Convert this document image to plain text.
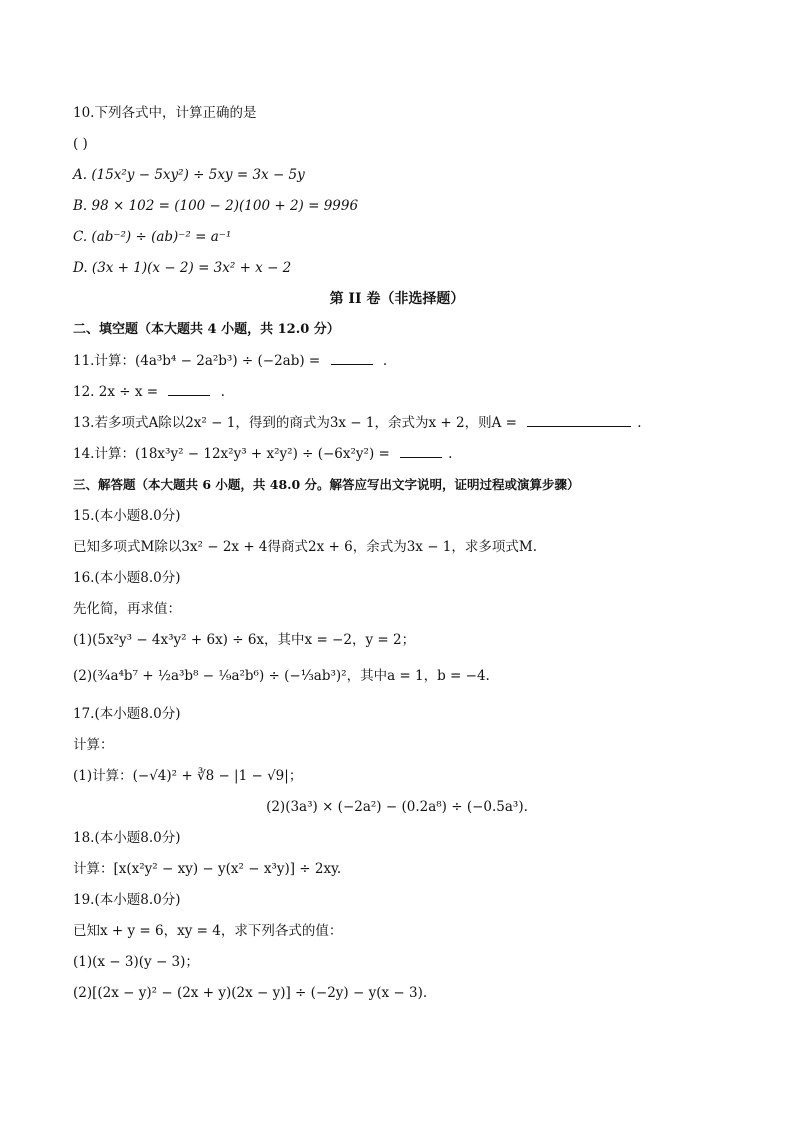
10.下列各式中，计算正确的是
( )
A. (15x²y − 5xy²) ÷ 5xy = 3x − 5y
B. 98 × 102 = (100 − 2)(100 + 2) = 9996
C. (ab⁻²) ÷ (ab)⁻² = a⁻¹
D. (3x + 1)(x − 2) = 3x² + x − 2
第 II 卷（非选择题）
二、填空题（本大题共 4 小题，共 12.0 分）
11.计算：(4a³b⁴ − 2a²b³) ÷ (−2ab) =	.
12. 2x ÷ x =	.
13.若多项式A除以2x² − 1，得到的商式为3x − 1，余式为x + 2，则A =	.
14.计算：(18x³y² − 12x²y³ + x²y²) ÷ (−6x²y²) =	.
三、解答题（本大题共 6 小题，共 48.0 分。解答应写出文字说明，证明过程或演算步骤）
15.(本小题8.0分)
已知多项式M除以3x² − 2x + 4得商式2x + 6，余式为3x − 1，求多项式M.
16.(本小题8.0分)
先化简，再求值：
(1)(5x²y³ − 4x³y² + 6x) ÷ 6x，其中x = −2，y = 2；
(2)(³⁄₄a⁴b⁷ + ½a³b⁸ − ¹⁄₉a²b⁶) ÷ (−⅓ab³)²，其中a = 1，b = −4.
17.(本小题8.0分)
计算：
(1)计算：(−√4)² + ∛8 − |1 − √9|；
(2)(3a³) × (−2a²) − (0.2a⁸) ÷ (−0.5a³).
18.(本小题8.0分)
计算：[x(x²y² − xy) − y(x² − x³y)] ÷ 2xy.
19.(本小题8.0分)
已知x + y = 6，xy = 4，求下列各式的值：
(1)(x − 3)(y − 3)；
(2)[(2x − y)² − (2x + y)(2x − y)] ÷ (−2y) − y(x − 3).
